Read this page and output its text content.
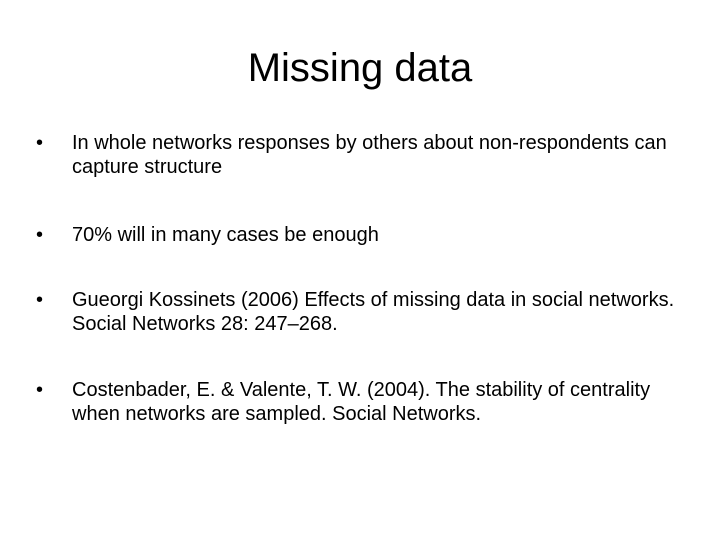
Missing data
•	In whole networks responses by others about non-respondents can capture structure
•	70% will in many cases be enough
•	Gueorgi Kossinets (2006) Effects of missing data in social networks. Social Networks 28: 247–268.
•	Costenbader, E. & Valente, T. W. (2004). The stability of centrality when networks are sampled. Social Networks.
